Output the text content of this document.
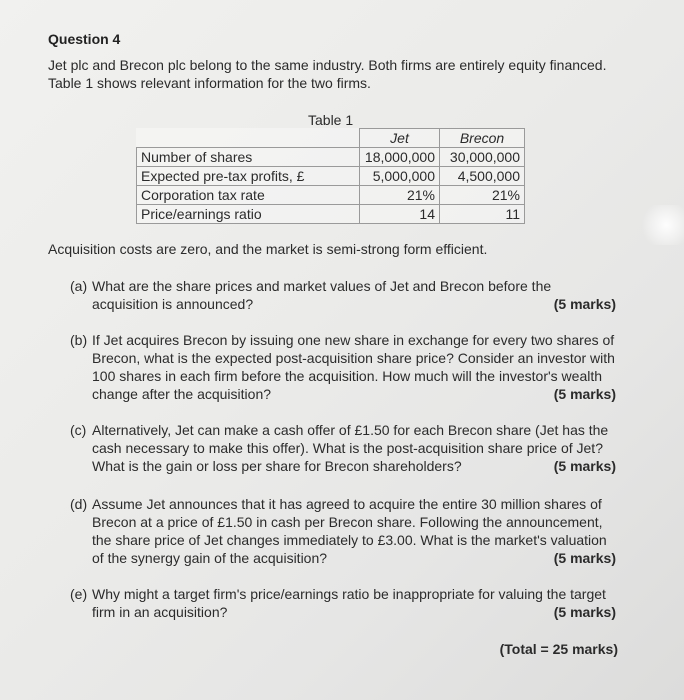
Question 4
Jet plc and Brecon plc belong to the same industry. Both firms are entirely equity financed. Table 1 shows relevant information for the two firms.
Table 1
	Jet	Brecon
Number of shares	18,000,000	30,000,000
Expected pre-tax profits, £	5,000,000	4,500,000
Corporation tax rate	21%	21%
Price/earnings ratio	14	11
Acquisition costs are zero, and the market is semi-strong form efficient.
(a) What are the share prices and market values of Jet and Brecon before the acquisition is announced?	(5 marks)
(b) If Jet acquires Brecon by issuing one new share in exchange for every two shares of Brecon, what is the expected post-acquisition share price? Consider an investor with 100 shares in each firm before the acquisition. How much will the investor's wealth change after the acquisition?	(5 marks)
(c) Alternatively, Jet can make a cash offer of £1.50 for each Brecon share (Jet has the cash necessary to make this offer). What is the post-acquisition share price of Jet? What is the gain or loss per share for Brecon shareholders?	(5 marks)
(d) Assume Jet announces that it has agreed to acquire the entire 30 million shares of Brecon at a price of £1.50 in cash per Brecon share. Following the announcement, the share price of Jet changes immediately to £3.00. What is the market's valuation of the synergy gain of the acquisition?	(5 marks)
(e) Why might a target firm's price/earnings ratio be inappropriate for valuing the target firm in an acquisition?	(5 marks)
(Total = 25 marks)
